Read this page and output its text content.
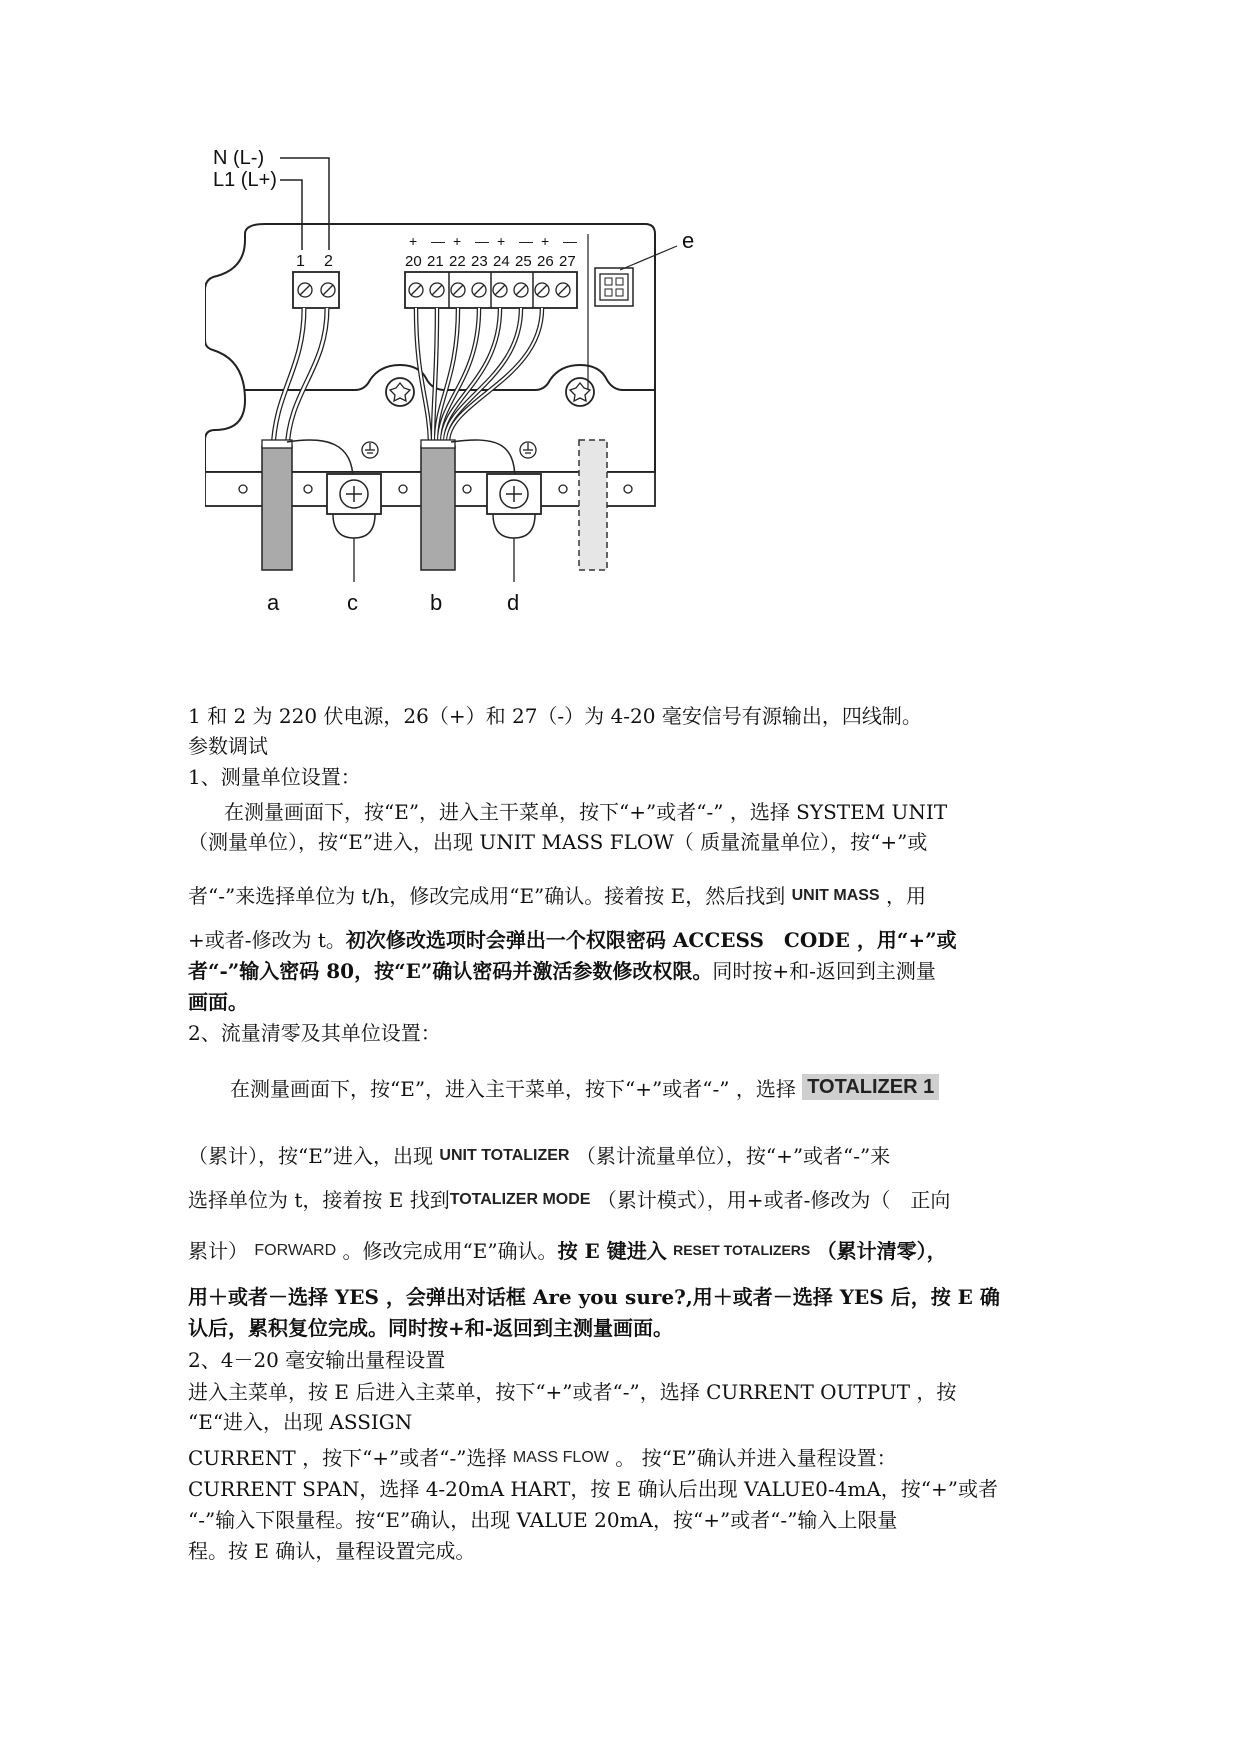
N (L-)
L1 (L+)
1 2
+ — + — + — + —
20 21 22 23 24 25 26 27
e
a	c	b	d
1 和 2 为 220 伏电源，26（+）和 27（-）为 4-20 毫安信号有源输出，四线制。
参数调试
1、测量单位设置：
在测量画面下，按“E”，进入主干菜单，按下“+”或者“-” ，选择 SYSTEM UNIT
（测量单位），按“E”进入，出现 UNIT MASS FLOW（ 质量流量单位），按“+”或
者“-”来选择单位为 t/h，修改完成用“E”确认。接着按 E，然后找到 UNIT MASS ，用
+或者-修改为 t。初次修改选项时会弹出一个权限密码 ACCESS　CODE ，用“+”或
者“-”输入密码 80，按“E”确认密码并激活参数修改权限。同时按+和-返回到主测量
画面。
2、流量清零及其单位设置：
在测量画面下，按“E”，进入主干菜单，按下“+”或者“-” ，选择 TOTALIZER 1
（累计），按“E”进入，出现 UNIT TOTALIZER （累计流量单位），按“+”或者“-”来
选择单位为 t，接着按 E 找到TOTALIZER MODE （累计模式），用+或者-修改为（　正向
累计） FORWARD 。修改完成用“E”确认。按 E 键进入 RESET TOTALIZERS （累计清零），
用＋或者－选择 YES ，会弹出对话框 Are you sure?,用＋或者－选择 YES 后，按 E 确
认后，累积复位完成。同时按+和-返回到主测量画面。
2、4－20 毫安输出量程设置
进入主菜单，按 E 后进入主菜单，按下“+”或者“-”，选择 CURRENT OUTPUT ，按
“E“进入，出现 ASSIGN
CURRENT ，按下“+”或者“-”选择 MASS FLOW 。 按“E”确认并进入量程设置：
CURRENT SPAN，选择 4-20mA HART，按 E 确认后出现 VALUE0-4mA，按“+”或者
“-”输入下限量程。按“E”确认，出现 VALUE 20mA，按“+”或者“-”输入上限量
程。按 E 确认，量程设置完成。
